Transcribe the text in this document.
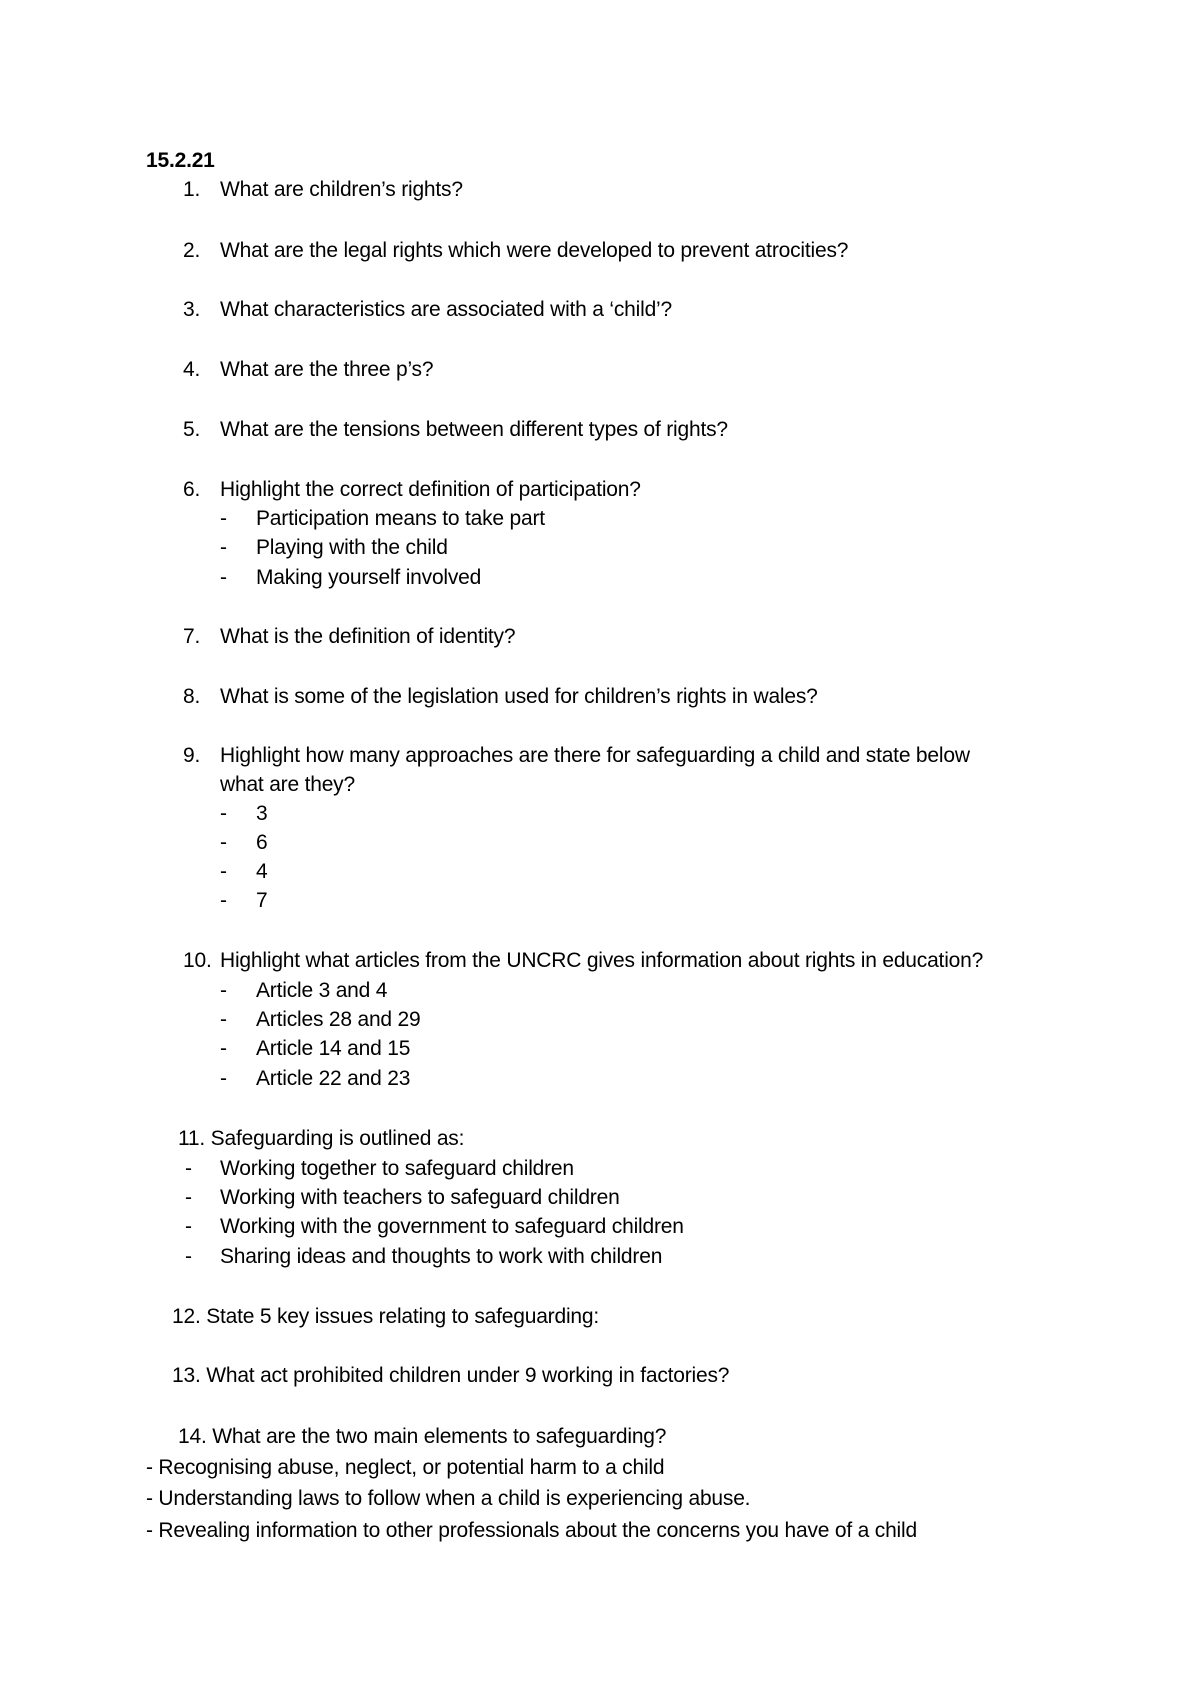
15.2.21
1. What are children’s rights?
2. What are the legal rights which were developed to prevent atrocities?
3. What characteristics are associated with a ‘child’?
4. What are the three p’s?
5. What are the tensions between different types of rights?
6. Highlight the correct definition of participation?
- Participation means to take part
- Playing with the child
- Making yourself involved
7. What is the definition of identity?
8. What is some of the legislation used for children’s rights in wales?
9. Highlight how many approaches are there for safeguarding a child and state below
what are they?
- 3
- 6
- 4
- 7
10. Highlight what articles from the UNCRC gives information about rights in education?
- Article 3 and 4
- Articles 28 and 29
- Article 14 and 15
- Article 22 and 23
11. Safeguarding is outlined as:
- Working together to safeguard children
- Working with teachers to safeguard children
- Working with the government to safeguard children
- Sharing ideas and thoughts to work with children
12. State 5 key issues relating to safeguarding:
13. What act prohibited children under 9 working in factories?
14. What are the two main elements to safeguarding?
- Recognising abuse, neglect, or potential harm to a child
- Understanding laws to follow when a child is experiencing abuse.
- Revealing information to other professionals about the concerns you have of a child
